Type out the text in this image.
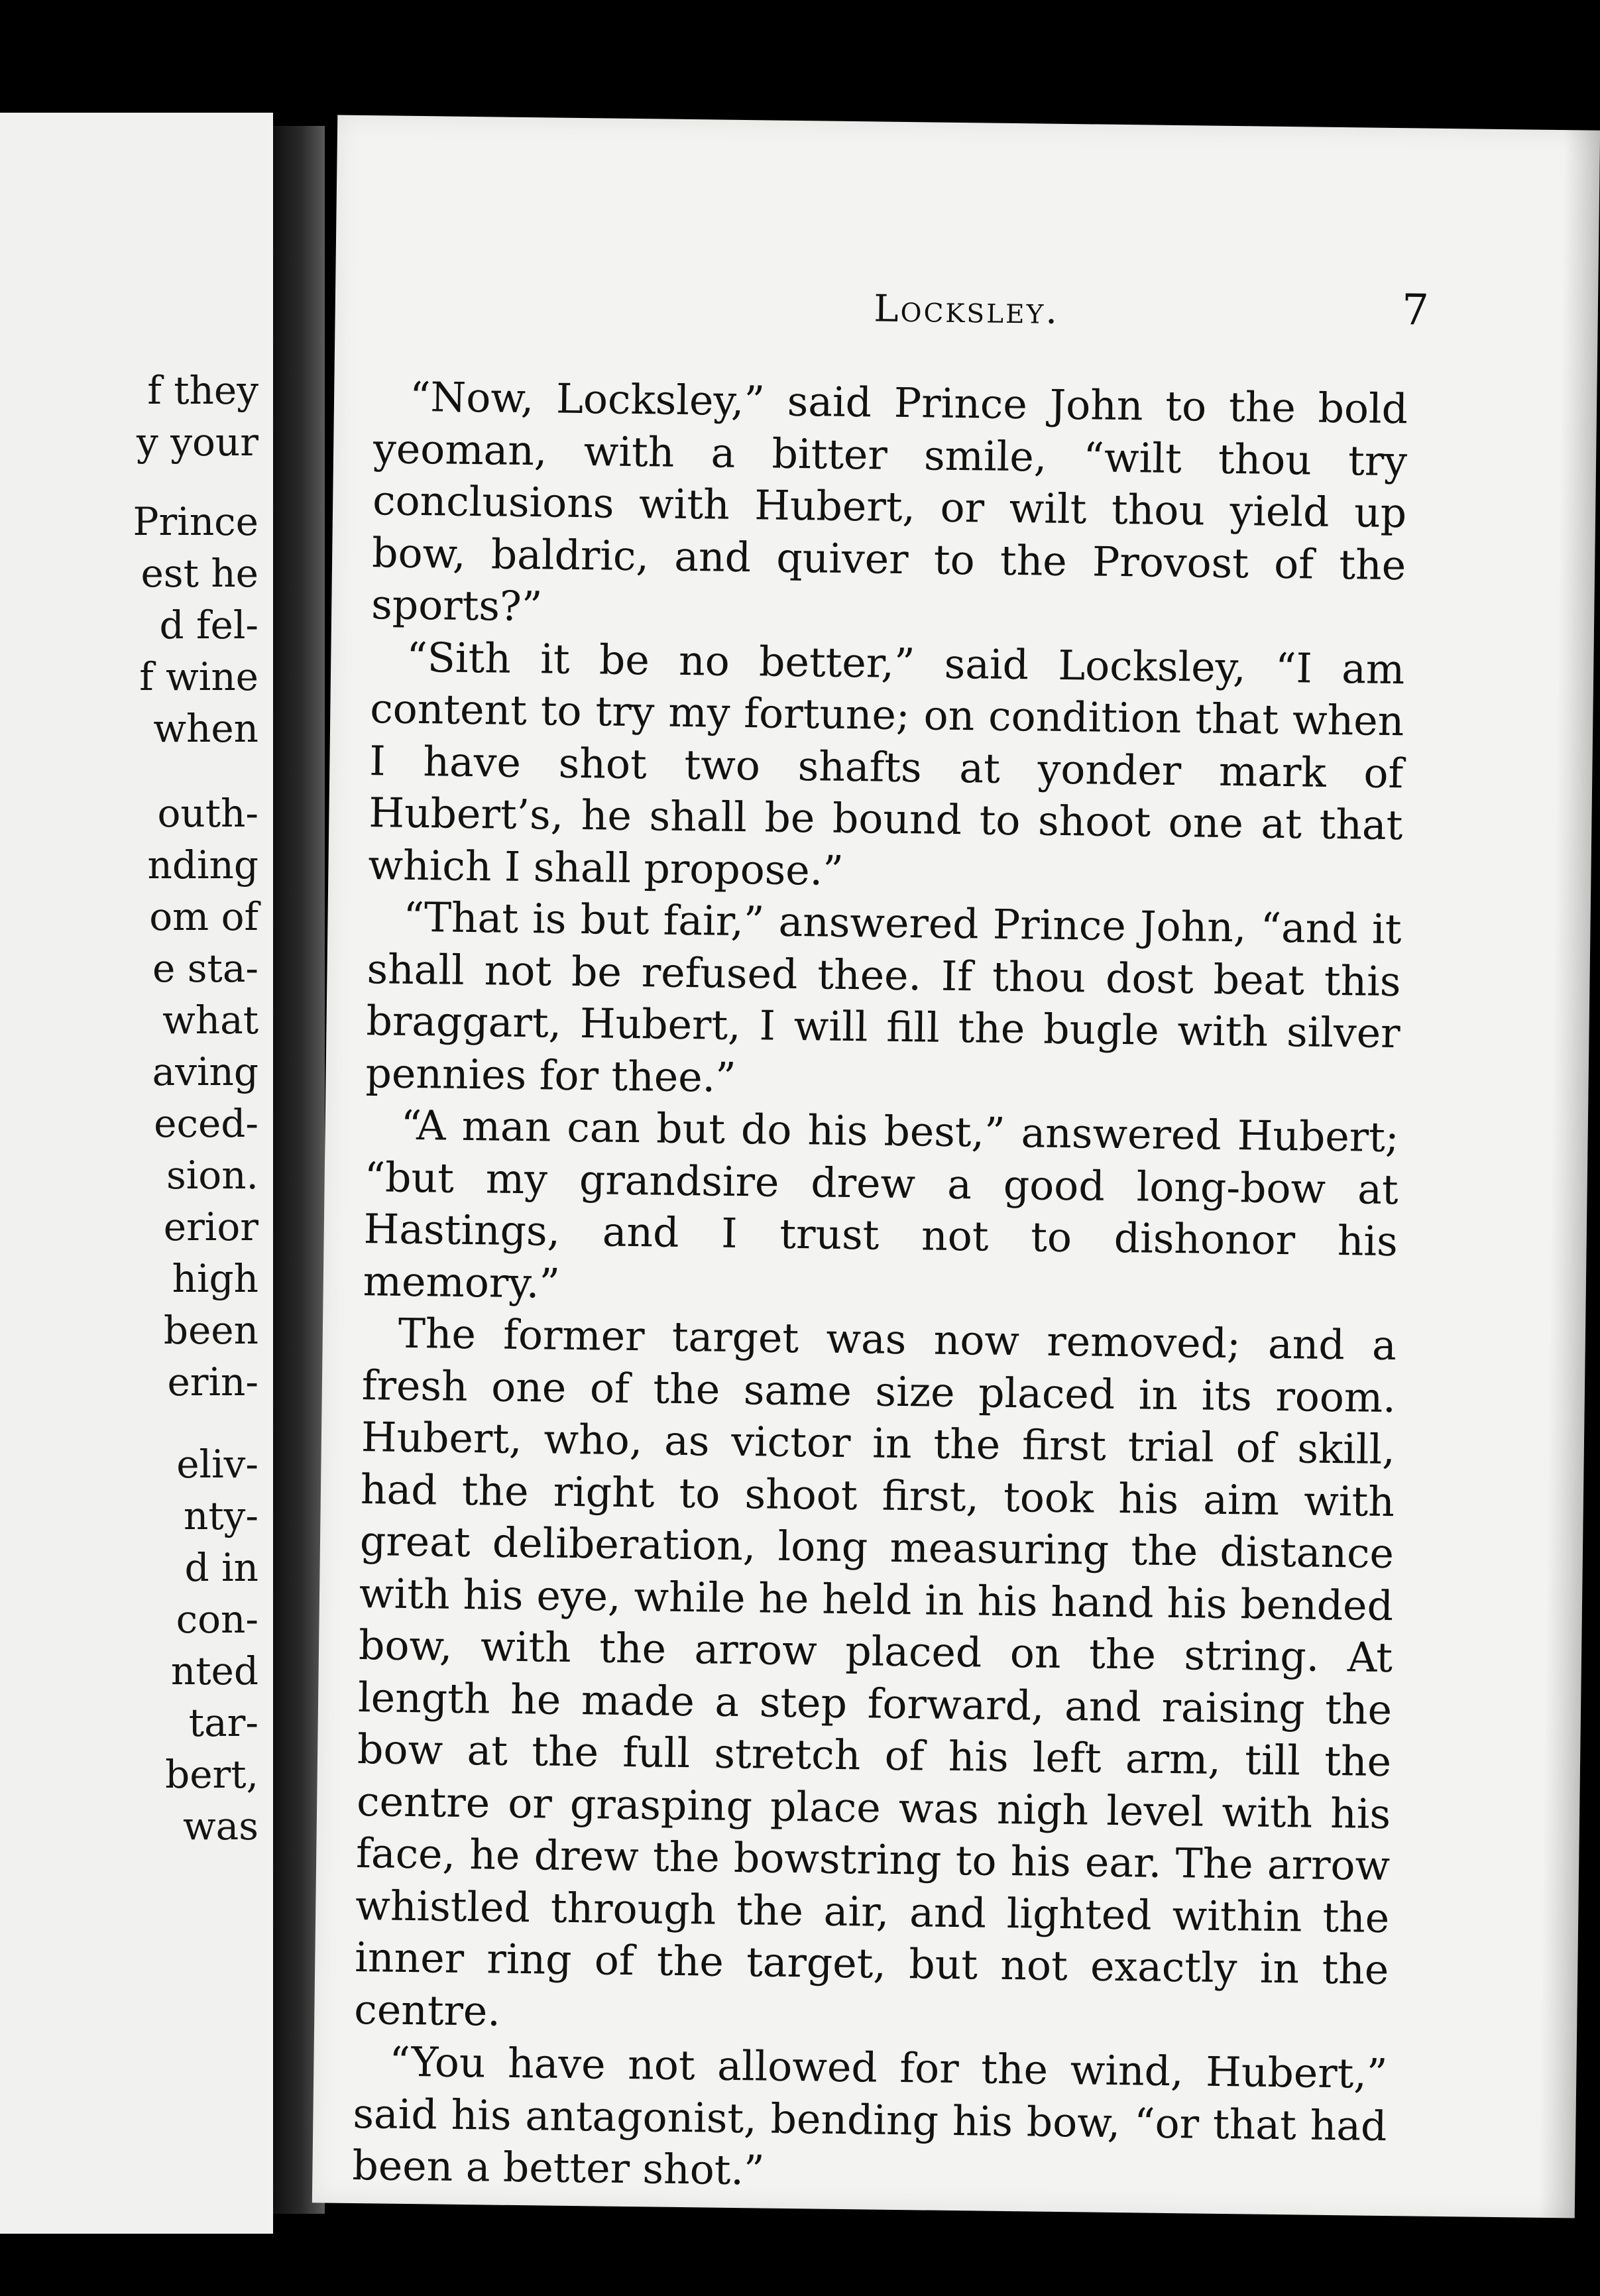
f they
y your
Prince
est he
d fel-
f wine
when
outh-
nding
om of
e sta-
what
aving
eced-
sion.
erior
high
been
erin-
eliv-
nty-
d in
con-
nted
tar-
bert,
was
Locksley.	7

“Now, Locksley,” said Prince John to the bold yeoman, with a bitter smile, “wilt thou try conclusions with Hubert, or wilt thou yield up bow, baldric, and quiver to the Provost of the sports?”

“Sith it be no better,” said Locksley, “I am content to try my fortune; on condition that when I have shot two shafts at yonder mark of Hubert’s, he shall be bound to shoot one at that which I shall propose.”

“That is but fair,” answered Prince John, “and it shall not be refused thee. If thou dost beat this braggart, Hubert, I will fill the bugle with silver pennies for thee.”

“A man can but do his best,” answered Hubert; “but my grandsire drew a good long-bow at Hastings, and I trust not to dishonor his memory.”

The former target was now removed; and a fresh one of the same size placed in its room. Hubert, who, as victor in the first trial of skill, had the right to shoot first, took his aim with great deliberation, long measuring the distance with his eye, while he held in his hand his bended bow, with the arrow placed on the string. At length he made a step forward, and raising the bow at the full stretch of his left arm, till the centre or grasping place was nigh level with his face, he drew the bowstring to his ear. The arrow whistled through the air, and lighted within the inner ring of the target, but not exactly in the centre.

“You have not allowed for the wind, Hubert,” said his antagonist, bending his bow, “or that had been a better shot.”
